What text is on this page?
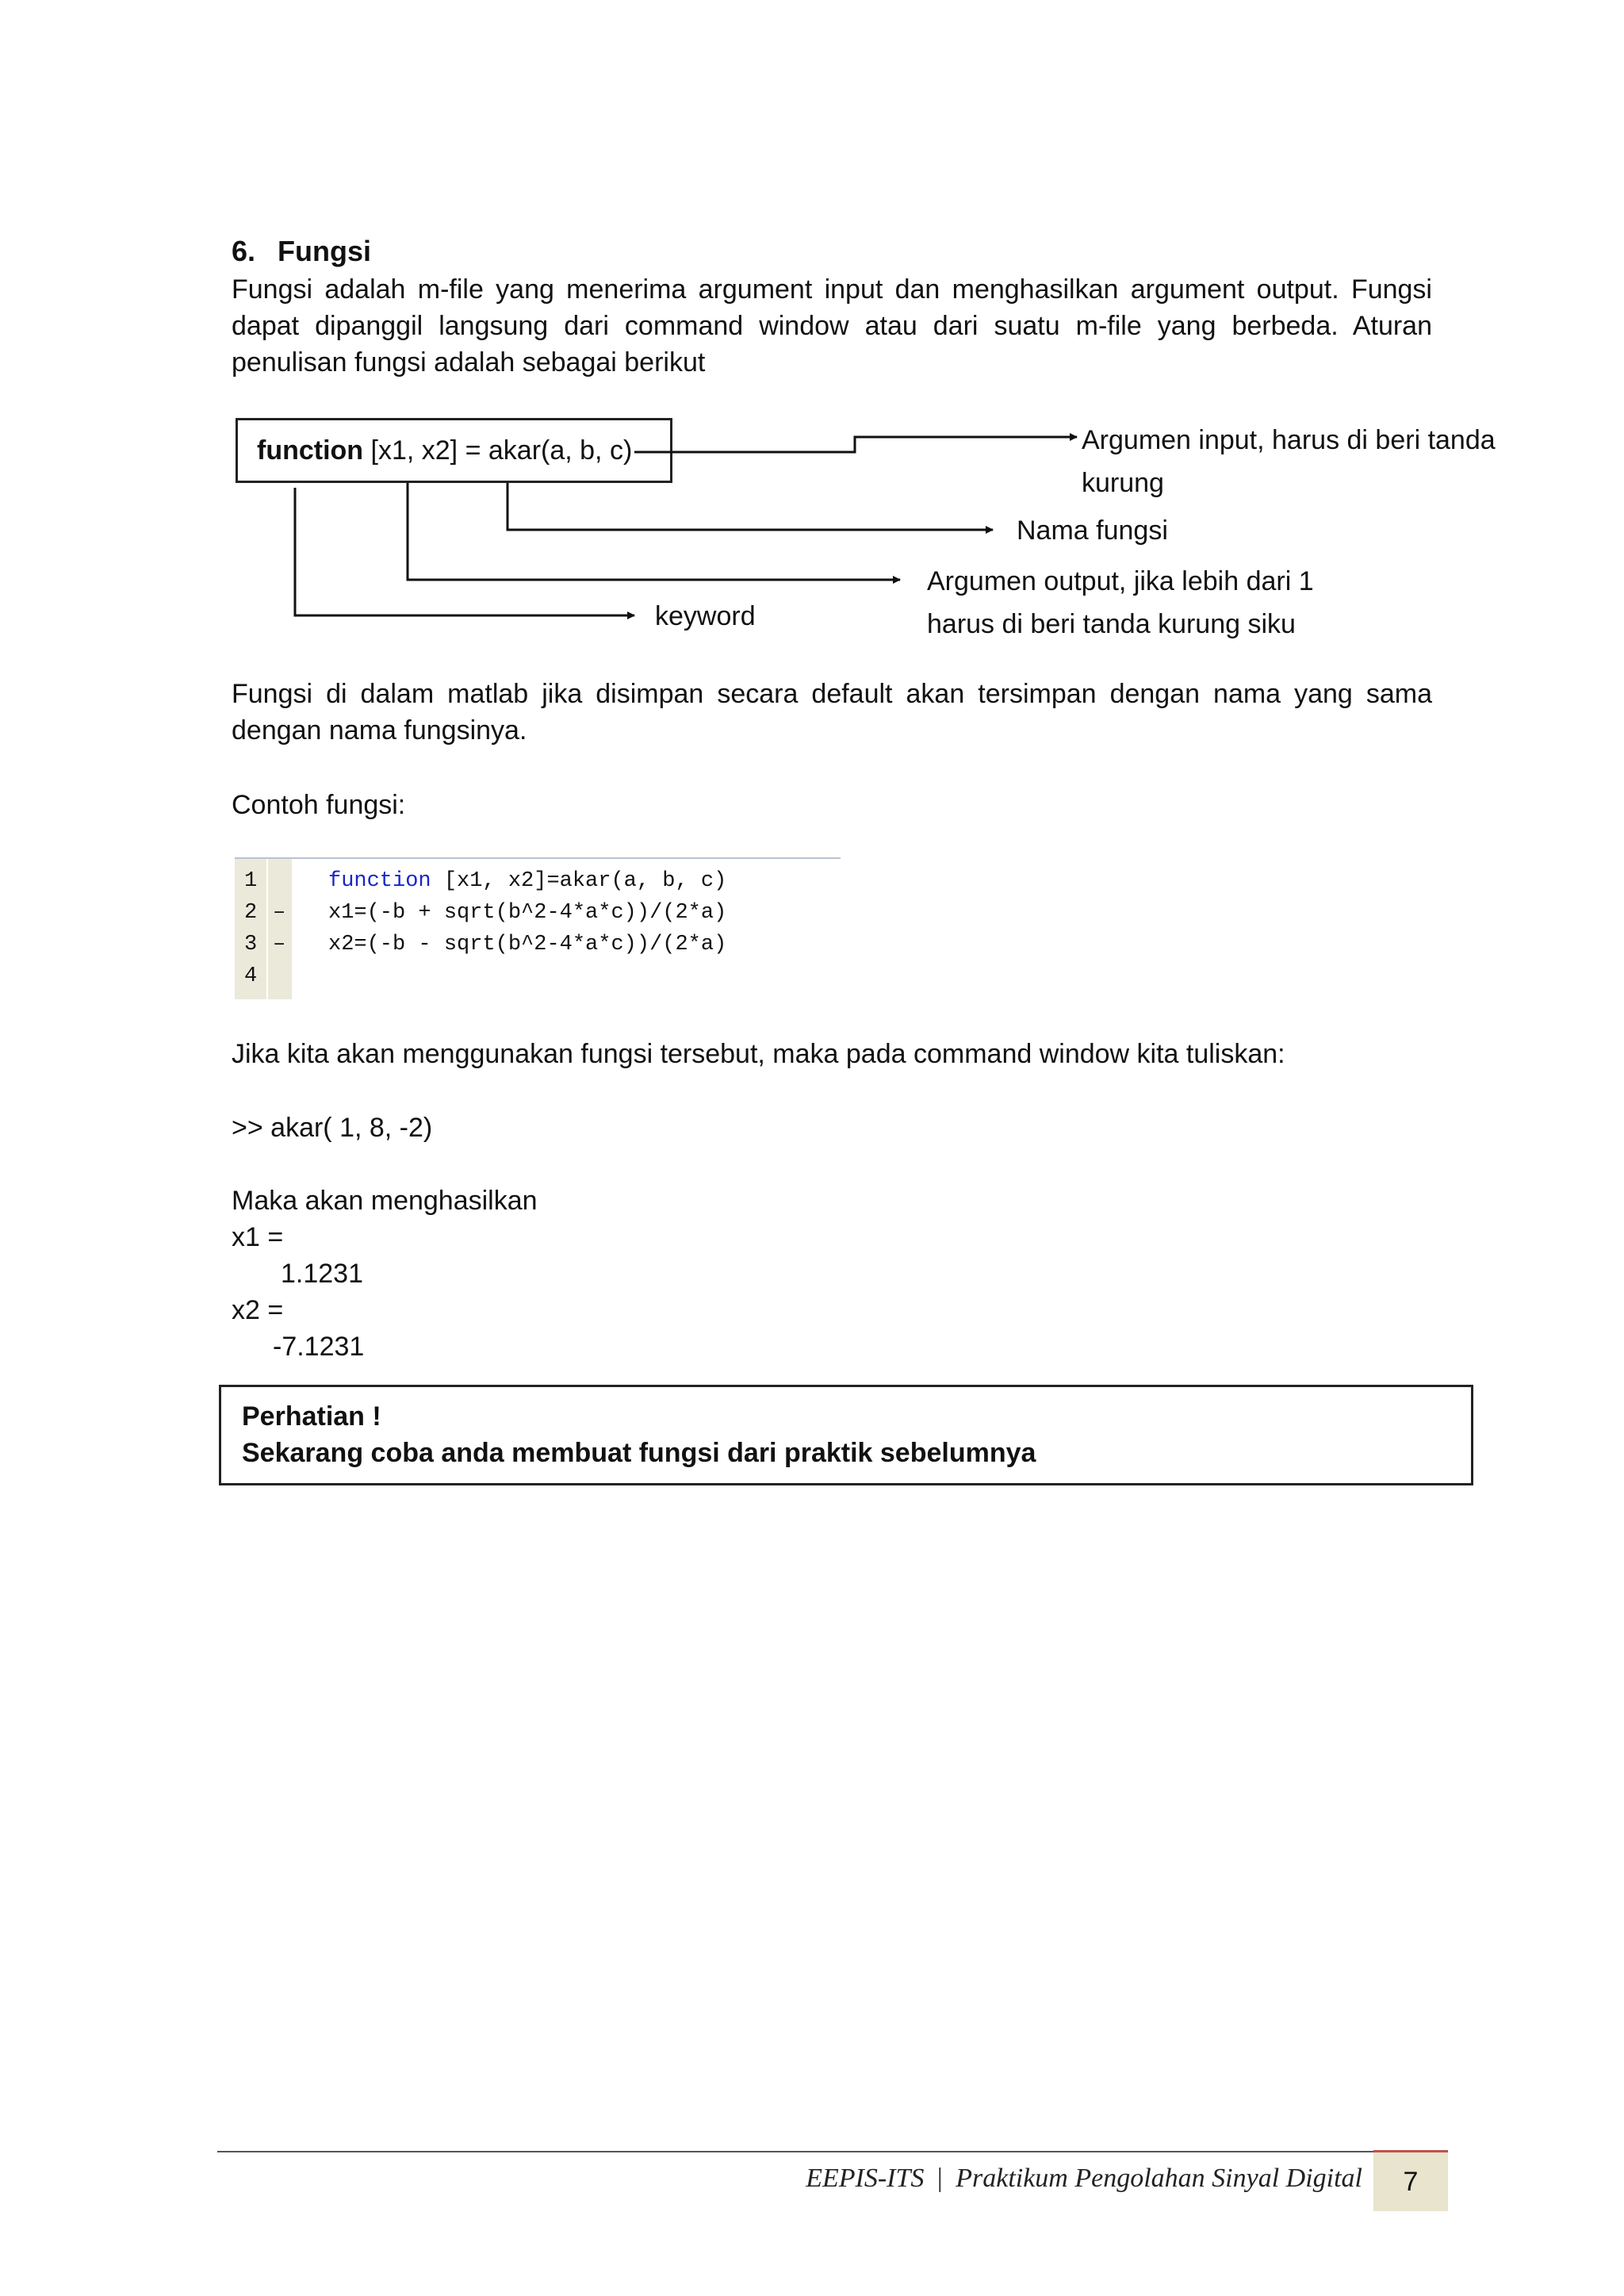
6. Fungsi
Fungsi adalah m-file yang menerima argument input dan menghasilkan argument output. Fungsi dapat dipanggil langsung dari command window atau dari suatu m-file yang berbeda. Aturan penulisan fungsi adalah sebagai berikut
function [x1, x2] = akar(a, b, c)	Argumen input, harus di beri tanda
kurung
Nama fungsi
Argumen output, jika lebih dari 1
harus di beri tanda kurung siku
keyword
Fungsi di dalam matlab jika disimpan secara default akan tersimpan dengan nama yang sama dengan nama fungsinya.
Contoh fungsi:
1	function [x1, x2]=akar(a, b, c)
2 – x1=(-b + sqrt(b^2-4*a*c))/(2*a)
3 – x2=(-b - sqrt(b^2-4*a*c))/(2*a)
4
Jika kita akan menggunakan fungsi tersebut, maka pada command window kita tuliskan:
>> akar( 1, 8, -2)
Maka akan menghasilkan
x1 =
1.1231
x2 =
-7.1231
Perhatian !
Sekarang coba anda membuat fungsi dari praktik sebelumnya
EEPIS-ITS | Praktikum Pengolahan Sinyal Digital	7
